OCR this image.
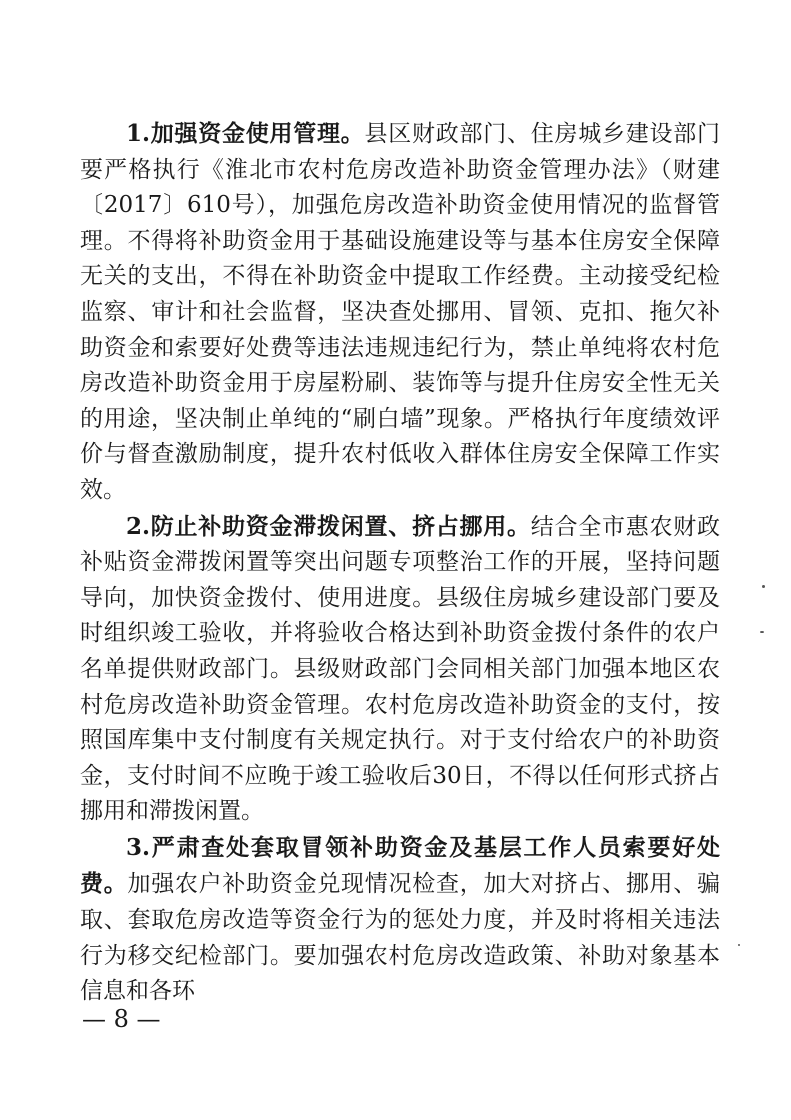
1.加强资金使用管理。县区财政部门、住房城乡建设部门要严格执行《淮北市农村危房改造补助资金管理办法》（财建〔2017〕610号），加强危房改造补助资金使用情况的监督管理。不得将补助资金用于基础设施建设等与基本住房安全保障无关的支出，不得在补助资金中提取工作经费。主动接受纪检监察、审计和社会监督，坚决查处挪用、冒领、克扣、拖欠补助资金和索要好处费等违法违规违纪行为，禁止单纯将农村危房改造补助资金用于房屋粉刷、装饰等与提升住房安全性无关的用途，坚决制止单纯的“刷白墙”现象。严格执行年度绩效评价与督查激励制度，提升农村低收入群体住房安全保障工作实效。

2.防止补助资金滞拨闲置、挤占挪用。结合全市惠农财政补贴资金滞拨闲置等突出问题专项整治工作的开展，坚持问题导向，加快资金拨付、使用进度。县级住房城乡建设部门要及时组织竣工验收，并将验收合格达到补助资金拨付条件的农户名单提供财政部门。县级财政部门会同相关部门加强本地区农村危房改造补助资金管理。农村危房改造补助资金的支付，按照国库集中支付制度有关规定执行。对于支付给农户的补助资金，支付时间不应晚于竣工验收后30日，不得以任何形式挤占挪用和滞拨闲置。

3.严肃查处套取冒领补助资金及基层工作人员索要好处费。加强农户补助资金兑现情况检查，加大对挤占、挪用、骗取、套取危房改造等资金行为的惩处力度，并及时将相关违法行为移交纪检部门。要加强农村危房改造政策、补助对象基本信息和各环

— 8 —
